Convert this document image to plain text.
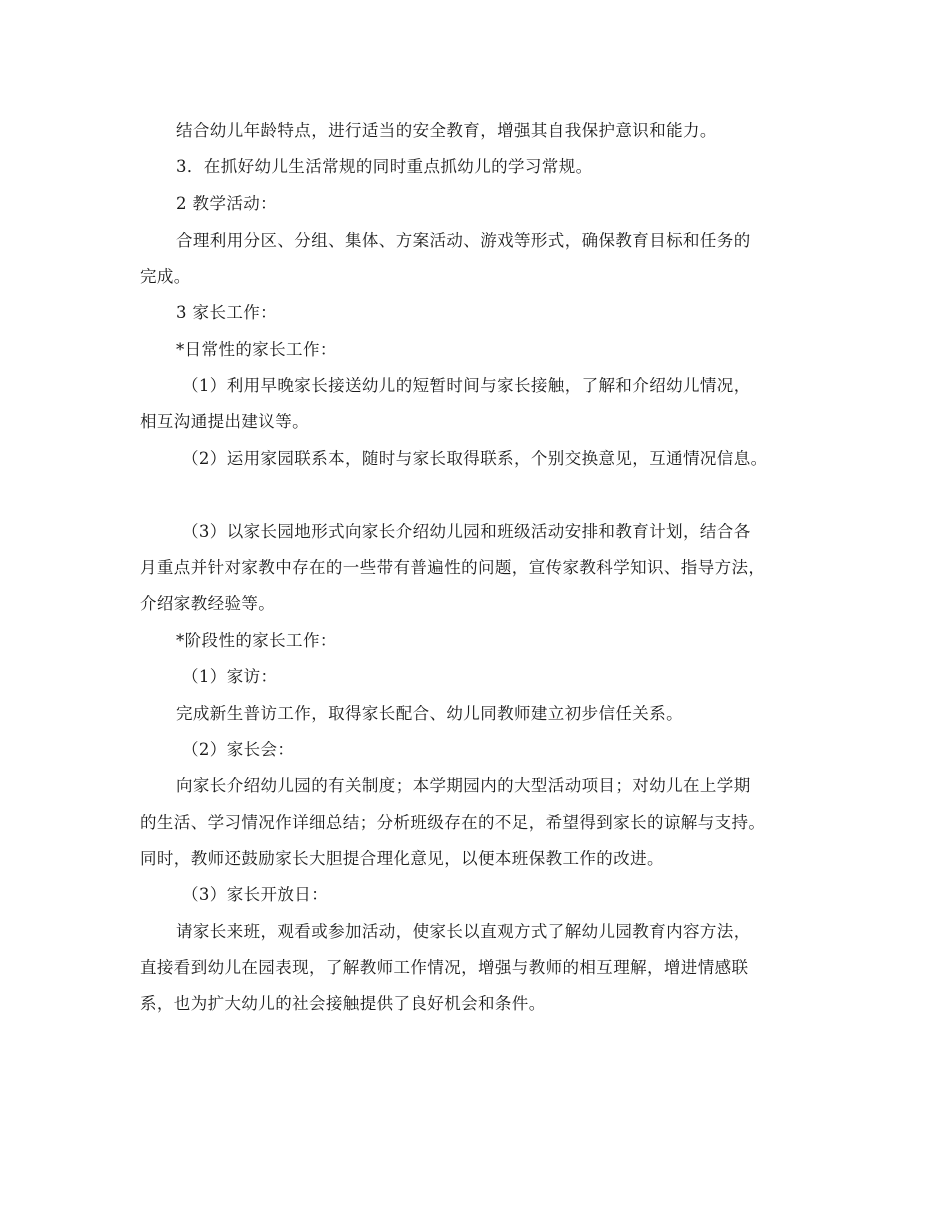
结合幼儿年龄特点，进行适当的安全教育，增强其自我保护意识和能力。
3．在抓好幼儿生活常规的同时重点抓幼儿的学习常规。
2 教学活动：
合理利用分区、分组、集体、方案活动、游戏等形式，确保教育目标和任务的
完成。
3 家长工作：
*日常性的家长工作：
（1）利用早晚家长接送幼儿的短暂时间与家长接触，了解和介绍幼儿情况，
相互沟通提出建议等。
（2）运用家园联系本，随时与家长取得联系，个别交换意见，互通情况信息。
（3）以家长园地形式向家长介绍幼儿园和班级活动安排和教育计划，结合各
月重点并针对家教中存在的一些带有普遍性的问题，宣传家教科学知识、指导方法，
介绍家教经验等。
*阶段性的家长工作：
（1）家访：
完成新生普访工作，取得家长配合、幼儿同教师建立初步信任关系。
（2）家长会：
向家长介绍幼儿园的有关制度；本学期园内的大型活动项目；对幼儿在上学期
的生活、学习情况作详细总结；分析班级存在的不足，希望得到家长的谅解与支持。
同时，教师还鼓励家长大胆提合理化意见，以便本班保教工作的改进。
（3）家长开放日：
请家长来班，观看或参加活动，使家长以直观方式了解幼儿园教育内容方法，
直接看到幼儿在园表现，了解教师工作情况，增强与教师的相互理解，增进情感联
系，也为扩大幼儿的社会接触提供了良好机会和条件。
